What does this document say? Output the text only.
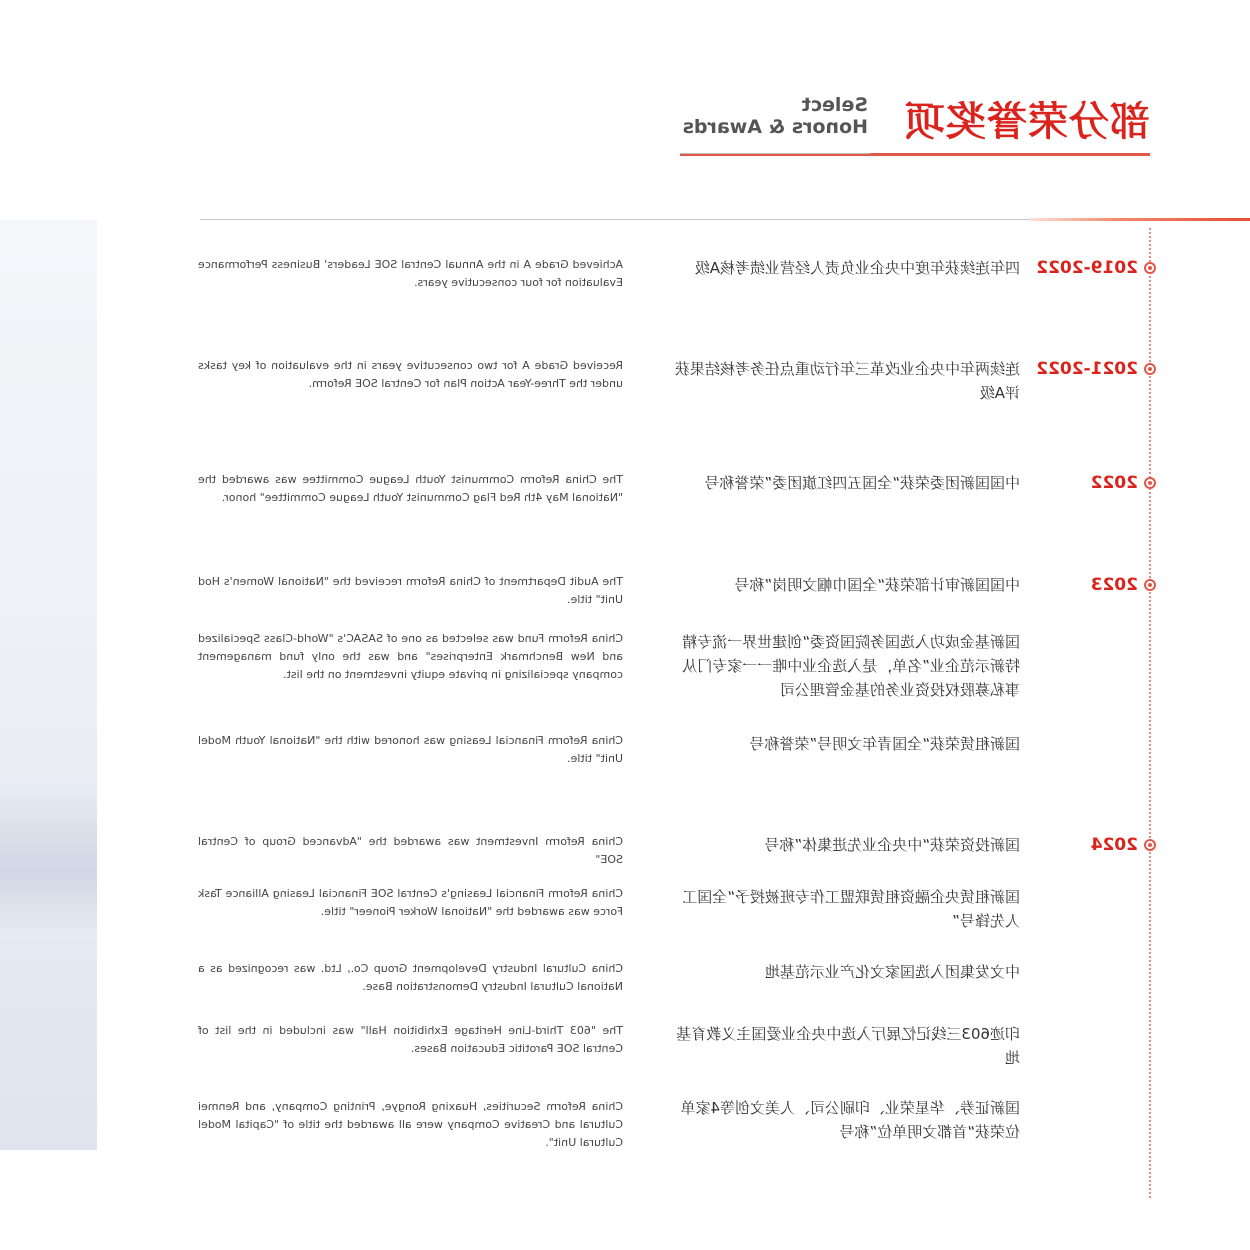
部分荣誉奖项
Select
Honors & Awards
2019-2022
四年连续获年度中央企业负责人经营业绩考核A级
Achieved Grade A in the Annual Central SOE Leaders' Business Performance Evaluation for four consecutive years.
2021-2022
连续两年中央企业改革三年行动重点任务考核结果获评A级
Received Grade A for two consecutive years in the evaluation of key tasks under the Three-Year Action Plan for Central SOE Reform.
2022
中国国新团委荣获“全国五四红旗团委”荣誉称号
The China Reform Communist Youth League Committee was awarded the "National May 4th Red Flag Communist Youth League Committee" honor.
2023
中国国新审计部荣获“全国巾帼文明岗”称号
The Audit Department of China Reform received the "National Women's Hod Unit" title.
国新基金成功入选国务院国资委“创建世界一流专精特新示范企业”名单，是入选企业中唯一一家专门从事私募股权投资业务的基金管理公司
China Reform Fund was selected as one of SASAC's "World-Class Specialized and New Benchmark Enterprises" and was the only fund management company specializing in private equity investment on the list.
国新租赁荣获“全国青年文明号”荣誉称号
China Reform Financial Leasing was honored with the "National Youth Model Unit" title.
2024
国新投资荣获“中央企业先进集体”称号
China Reform Investment was awarded the "Advanced Group of Central SOE"
国新租赁央企融资租赁联盟工作专班被授予“全国工人先锋号”
China Reform Financial Leasing's Central SOE Financial Leasing Alliance Task Force was awarded the "National Worker Pioneer" title.
中文发集团入选国家文化产业示范基地
China Cultural Industry Development Group Co., Ltd. was recognized as a National Cultural Industry Demonstration Base.
印迹603三线记忆展厅入选中央企业爱国主义教育基地
The "603 Third-Line Heritage Exhibition Hall" was included in the list of Central SOE Parotitic Education Bases.
国新证券、华星荣业、印刷公司、人美文创等4家单位荣获“首都文明单位”称号
China Reform Securities, Huaxing Rongye, Printing Company, and Renmei Cultural and Creative Company were all awarded the title of "Capital Model Cultural Unit".
